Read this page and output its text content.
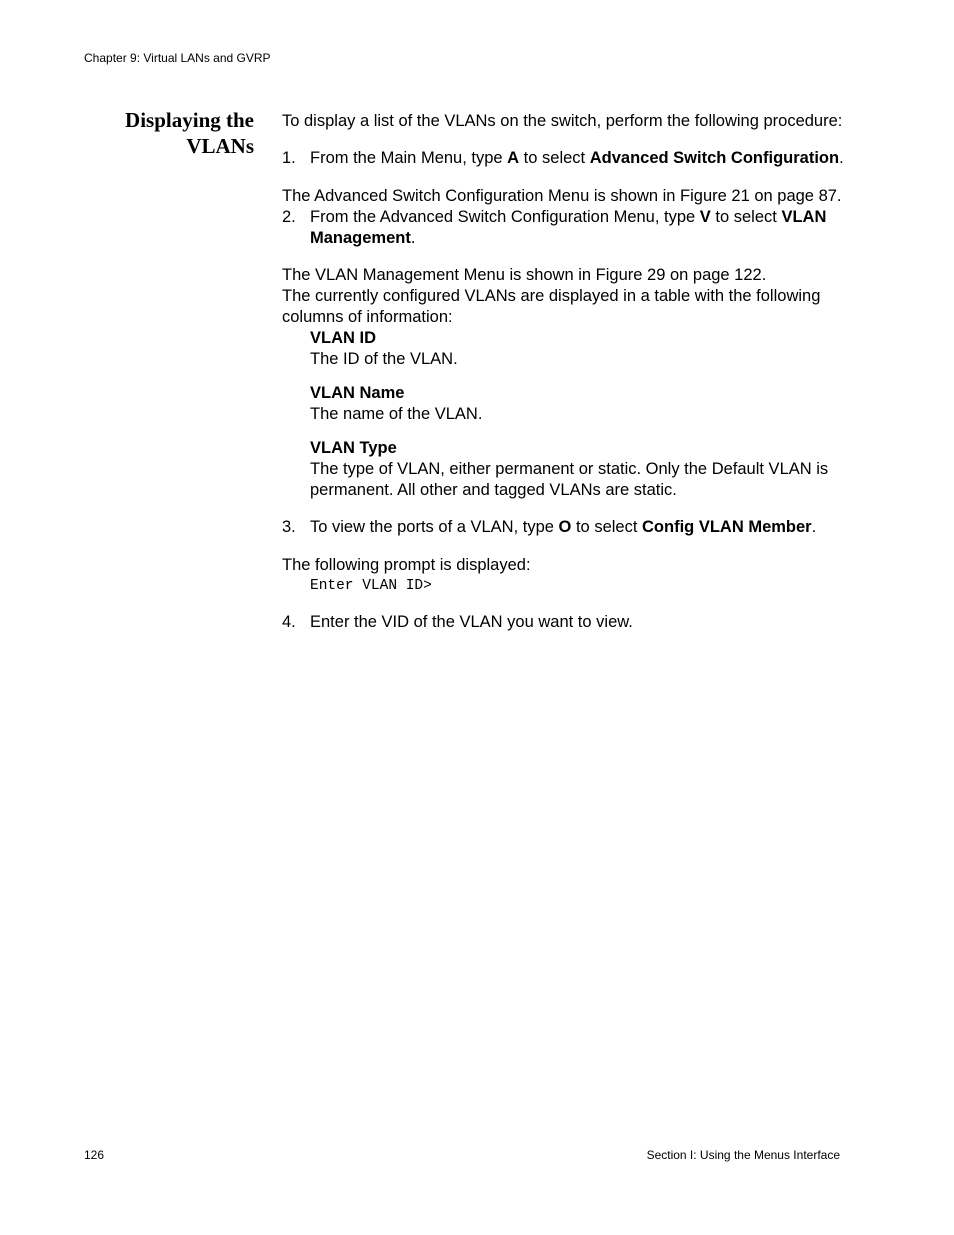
Chapter 9: Virtual LANs and GVRP
Displaying the
VLANs

To display a list of the VLANs on the switch, perform the following procedure:

1. From the Main Menu, type A to select Advanced Switch Configuration.

The Advanced Switch Configuration Menu is shown in Figure 21 on page 87.

2. From the Advanced Switch Configuration Menu, type V to select VLAN Management.

The VLAN Management Menu is shown in Figure 29 on page 122.

The currently configured VLANs are displayed in a table with the following columns of information:

VLAN ID
The ID of the VLAN.
VLAN Name
The name of the VLAN.
VLAN Type
The type of VLAN, either permanent or static. Only the Default VLAN is permanent. All other and tagged VLANs are static.
3. To view the ports of a VLAN, type O to select Config VLAN Member.

The following prompt is displayed:

Enter VLAN ID>
4. Enter the VID of the VLAN you want to view.

126	Section I: Using the Menus Interface
